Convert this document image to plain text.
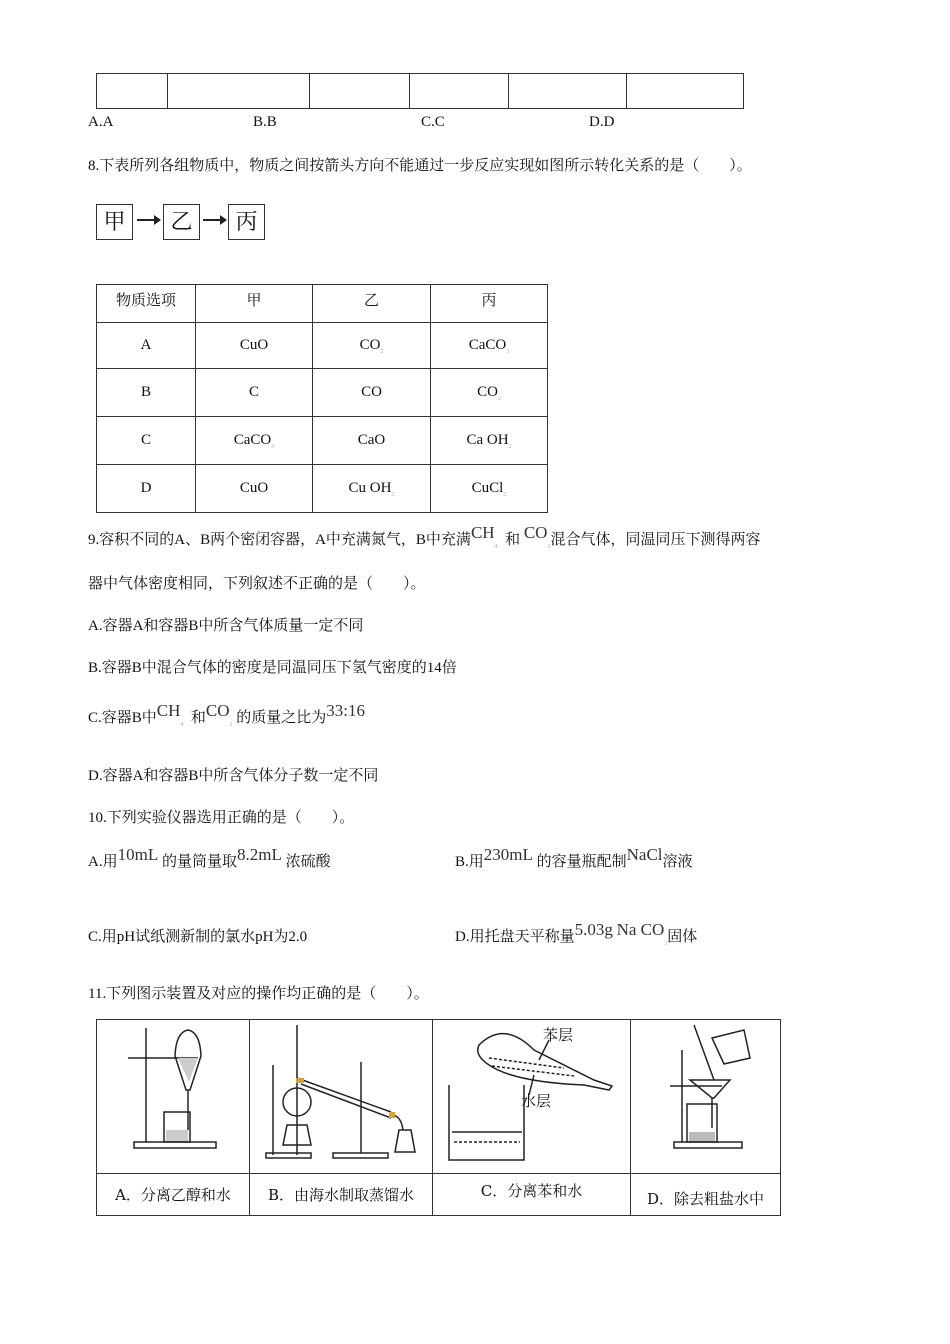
A.A	B.B	C.C	D.D
8.下表所列各组物质中，物质之间按箭头方向不能通过一步反应实现如图所示转化关系的是（　　）。
甲	乙	丙
物质选项	甲	乙	丙
A	CuO	$CO_2$	CaCO$_3$
B	C	CO	$CO_2$
C	CaCO$_3$	CaO	Ca $OH_2$
D	CuO	Cu $OH_2$	CuCl$_2$
9.容积不同的A、B两个密闭容器，A中充满氮气，B中充满$CH_4$ 和 $CO_2$混合气体，同温同压下测得两容
器中气体密度相同，下列叙述不正确的是（　　）。
A.容器A和容器B中所含气体质量一定不同
B.容器B中混合气体的密度是同温同压下氢气密度的14倍
C.容器B中$CH_4$ 和$CO_2$ 的质量之比为33:16
D.容器A和容器B中所含气体分子数一定不同
10.下列实验仪器选用正确的是（　　）。
A.用10mL 的量筒量取8.2mL 浓硫酸	B.用230mL 的容量瓶配制NaCl溶液
C.用pH试纸测新制的氯水pH为2.0	D.用托盘天平称量5.03g Na $CO_3$固体
11.下列图示装置及对应的操作均正确的是（　　）。

苯层
水层

A．分离乙醇和水	B．由海水制取蒸馏水	C．分离苯和水	D．除去粗盐水中
